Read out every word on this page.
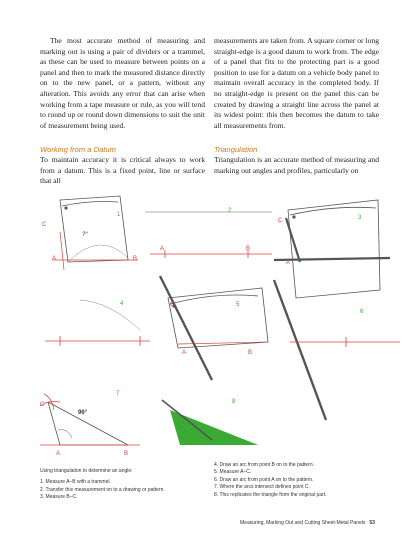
The most accurate method of measuring and marking out is using a pair of dividers or a trammel, as these can be used to measure between points on a panel and then to mark the measured distance directly on to the new panel, or a pattern, without any alteration. This avoids any error that can arise when working from a tape measure or rule, as you will tend to round up or round down dimensions to suit the unit of measurement being used.

measurements are taken from. A square corner or long straight-edge is a good datum to work from. The edge of a panel that fits to the protecting part is a good position to use for a datum on a vehicle body panel to maintain overall accuracy in the completed body. If no straight-edge is present on the panel this can be created by drawing a straight line across the panel at its widest point: this then becomes the datum to take all measurements from.

Working from a Datum
To maintain accuracy it is critical always to work from a datum. This is a fixed point, line or surface that all
Triangulation
Triangulation is an accurate method of measuring and marking out angles and profiles, particularly on
C
A	B
1
?°
2
A	B
3
C
A
4	5
C
A	B
6
7
C
A	B
96°
8

Using triangulation to determine an angle:

1. Measure A–B with a trammel.

2. Transfer this measurement on to a drawing or pattern.

3. Measure B–C.

4. Draw an arc from point B on to the pattern.

5. Measure A–C.

6. Draw an arc from point A on to the pattern.

7. Where the arcs intersect defines point C.

8. This replicates the triangle from the original part.

Measuring, Marking Out and Cutting Sheet-Metal Panels 53
